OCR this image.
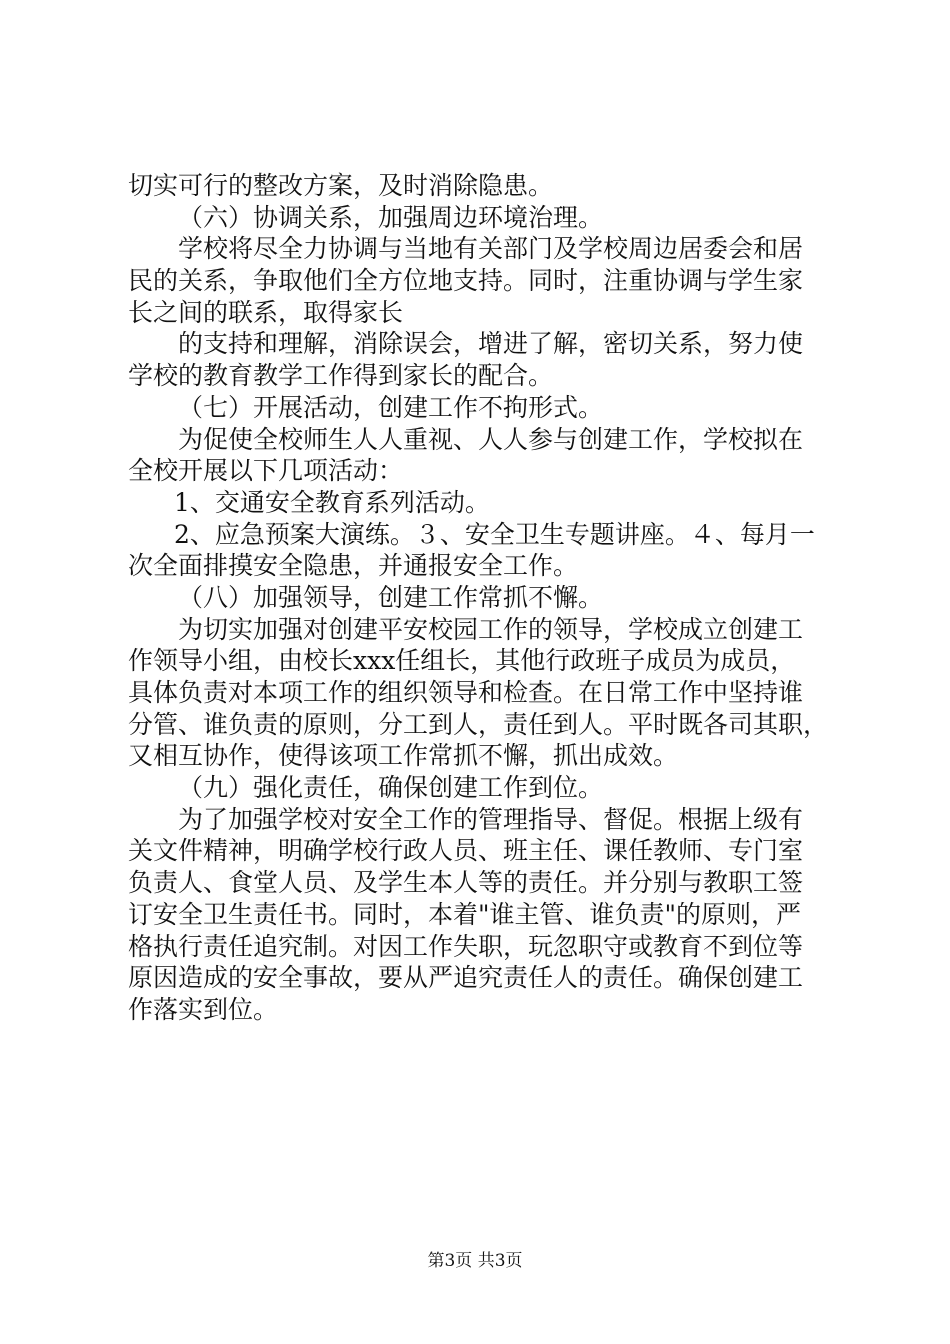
切实可行的整改方案，及时消除隐患。
（六）协调关系，加强周边环境治理。
学校将尽全力协调与当地有关部门及学校周边居委会和居
民的关系，争取他们全方位地支持。同时，注重协调与学生家
长之间的联系，取得家长
的支持和理解，消除误会，增进了解，密切关系，努力使
学校的教育教学工作得到家长的配合。
（七）开展活动，创建工作不拘形式。
为促使全校师生人人重视、人人参与创建工作，学校拟在
全校开展以下几项活动：
1、交通安全教育系列活动。
2、应急预案大演练。３、安全卫生专题讲座。４、每月一
次全面排摸安全隐患，并通报安全工作。
（八）加强领导，创建工作常抓不懈。
为切实加强对创建平安校园工作的领导，学校成立创建工
作领导小组，由校长xxx任组长，其他行政班子成员为成员，
具体负责对本项工作的组织领导和检查。在日常工作中坚持谁
分管、谁负责的原则，分工到人，责任到人。平时既各司其职，
又相互协作，使得该项工作常抓不懈，抓出成效。
（九）强化责任，确保创建工作到位。
为了加强学校对安全工作的管理指导、督促。根据上级有
关文件精神，明确学校行政人员、班主任、课任教师、专门室
负责人、食堂人员、及学生本人等的责任。并分别与教职工签
订安全卫生责任书。同时，本着"谁主管、谁负责"的原则，严
格执行责任追究制。对因工作失职，玩忽职守或教育不到位等
原因造成的安全事故，要从严追究责任人的责任。确保创建工
作落实到位。
第3页 共3页
